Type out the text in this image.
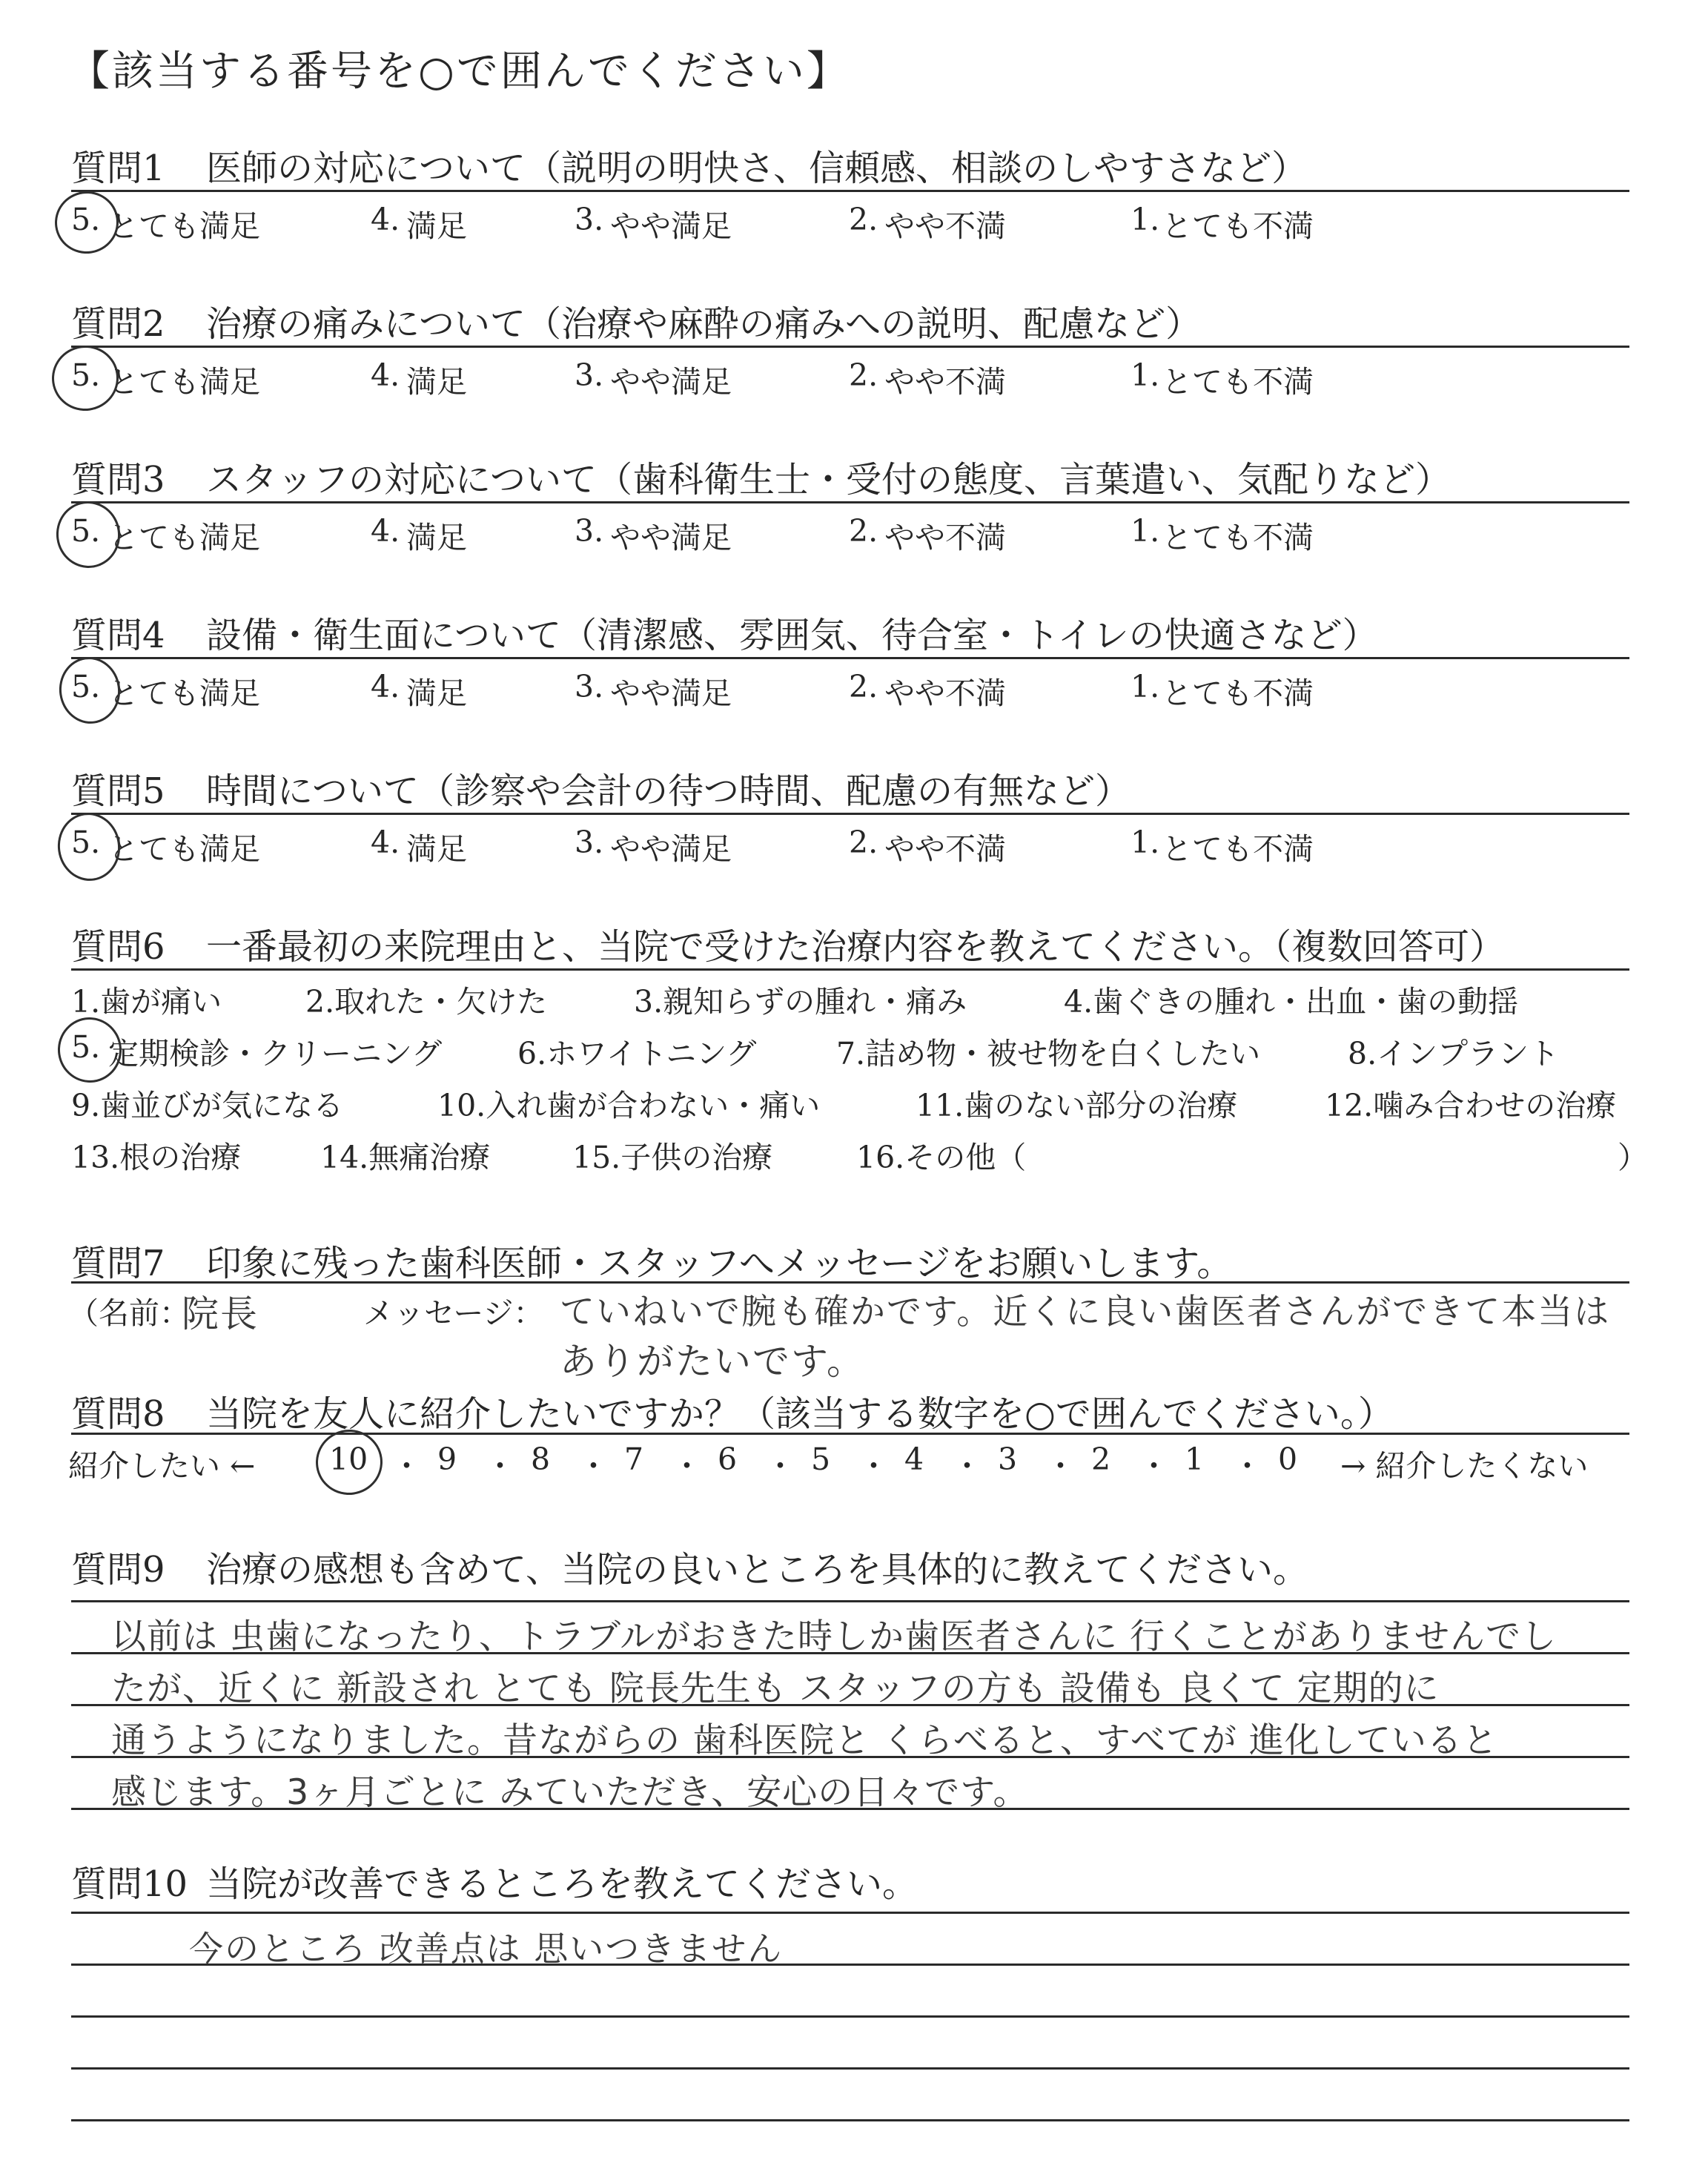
【該当する番号を○で囲んでください】
質問1 医師の対応について（説明の明快さ、信頼感、相談のしやすさなど）
質問2 治療の痛みについて（治療や麻酔の痛みへの説明、配慮など）
質問3 スタッフの対応について（歯科衛生士・受付の態度、言葉遣い、気配りなど）
質問4 設備・衛生面について（清潔感、雰囲気、待合室・トイレの快適さなど）
質問5 時間について（診察や会計の待つ時間、配慮の有無など）
5. とても満足	4. 満足	3. やや満足	2. やや不満	1. とても不満
5. とても満足	4. 満足	3. やや満足	2. やや不満	1. とても不満
5. とても満足	4. 満足	3. やや満足	2. やや不満	1. とても不満
5. とても満足	4. 満足	3. やや満足	2. やや不満	1. とても不満
5. とても満足	4. 満足	3. やや満足	2. やや不満	1. とても不満
質問6 一番最初の来院理由と、当院で受けた治療内容を教えてください。（複数回答可）
1.歯が痛い	2.取れた・欠けた	3.親知らずの腫れ・痛み	4.歯ぐきの腫れ・出血・歯の動揺
5. 定期検診・クリーニング 6.ホワイトニング	7.詰め物・被せ物を白くしたい	8.インプラント
9.歯並びが気になる	10.入れ歯が合わない・痛い	11.歯のない部分の治療	12.噛み合わせの治療
13.根の治療	14.無痛治療	15.子供の治療	16.その他（	）
質問7 印象に残った歯科医師・スタッフへメッセージをお願いします。
（名前：
院長	メッセージ： ていねいで腕も確かです。近くに良い歯医者さんができて本当は
ありがたいです。
質問8 当院を友人に紹介したいですか？（該当する数字を○で囲んでください。）
紹介したい ← 10 ・ 9 ・ 8 ・ 7 ・ 6 ・ 5 ・ 4 ・ 3 ・ 2 ・ 1 ・ 0 → 紹介したくない
質問9 治療の感想も含めて、当院の良いところを具体的に教えてください。
以前は 虫歯になったり、トラブルがおきた時しか歯医者さんに 行くことがありませんでし
たが、近くに 新設され とても 院長先生も スタッフの方も 設備も 良くて 定期的に
通うようになりました。昔ながらの 歯科医院と くらべると、すべてが 進化していると
感じます。3ヶ月ごとに みていただき、安心の日々です。
質問10 当院が改善できるところを教えてください。
今のところ 改善点は 思いつきません
